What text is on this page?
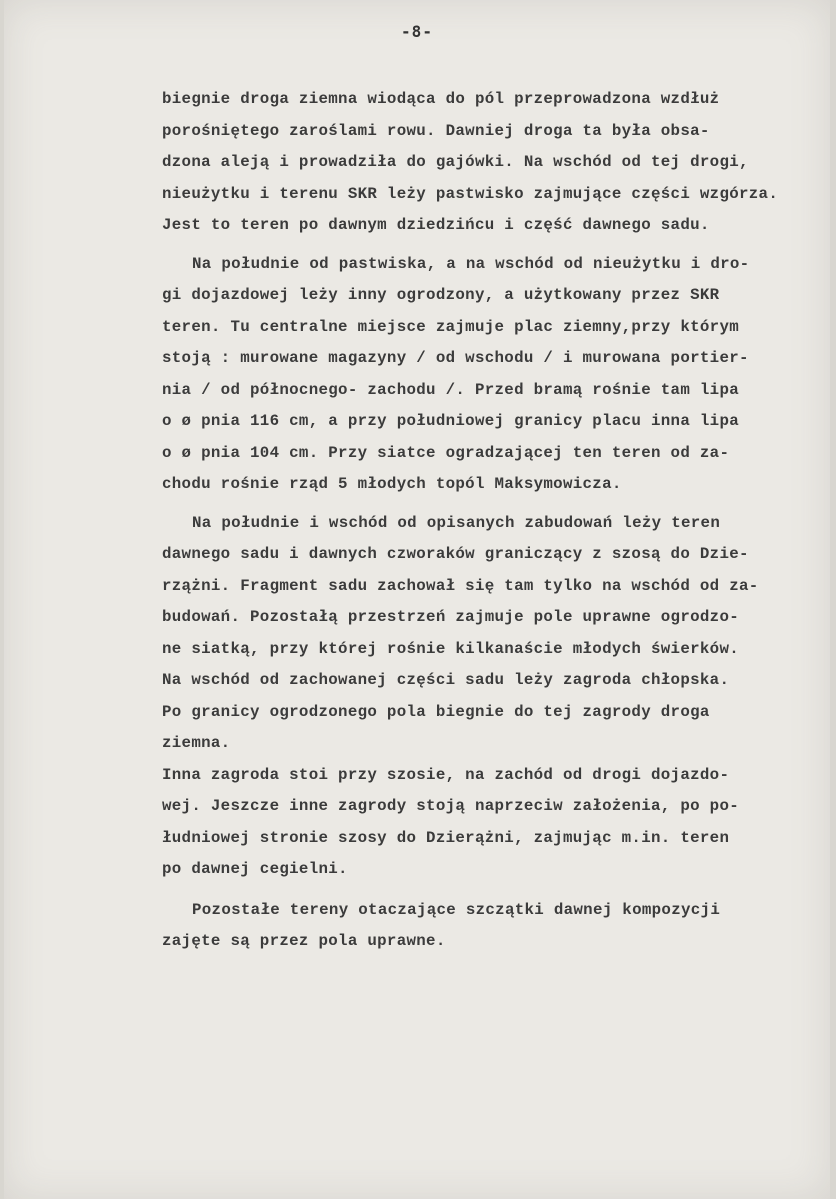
-8-
biegnie droga ziemna wiodąca do pól przeprowadzona wzdłuż
porośniętego zaroślami rowu. Dawniej droga ta była obsa-
dzona aleją i prowadziła do gajówki. Na wschód od tej drogi,
nieużytku i terenu SKR leży pastwisko zajmujące części wzgórza.
Jest to teren po dawnym dziedzińcu i część dawnego sadu.
Na południe od pastwiska, a na wschód od nieużytku i dro-
gi dojazdowej leży inny ogrodzony, a użytkowany przez SKR
teren. Tu centralne miejsce zajmuje plac ziemny,przy którym
stoją : murowane magazyny / od wschodu / i murowana portier-
nia / od północnego- zachodu /. Przed bramą rośnie tam lipa
o ø pnia 116 cm, a przy południowej granicy placu inna lipa
o ø pnia 104 cm. Przy siatce ogradzającej ten teren od za-
chodu rośnie rząd 5 młodych topól Maksymowicza.
Na południe i wschód od opisanych zabudowań leży teren
dawnego sadu i dawnych czworaków graniczący z szosą do Dzie-
rzążni. Fragment sadu zachował się tam tylko na wschód od za-
budowań. Pozostałą przestrzeń zajmuje pole uprawne ogrodzo-
ne siatką, przy której rośnie kilkanaście młodych świerków.
Na wschód od zachowanej części sadu leży zagroda chłopska.
Po granicy ogrodzonego pola biegnie do tej zagrody droga
ziemna.
Inna zagroda stoi przy szosie, na zachód od drogi dojazdo-
wej. Jeszcze inne zagrody stoją naprzeciw założenia, po po-
łudniowej stronie szosy do Dzierążni, zajmując m.in. teren
po dawnej cegielni.
Pozostałe tereny otaczające szczątki dawnej kompozycji
zajęte są przez pola uprawne.
